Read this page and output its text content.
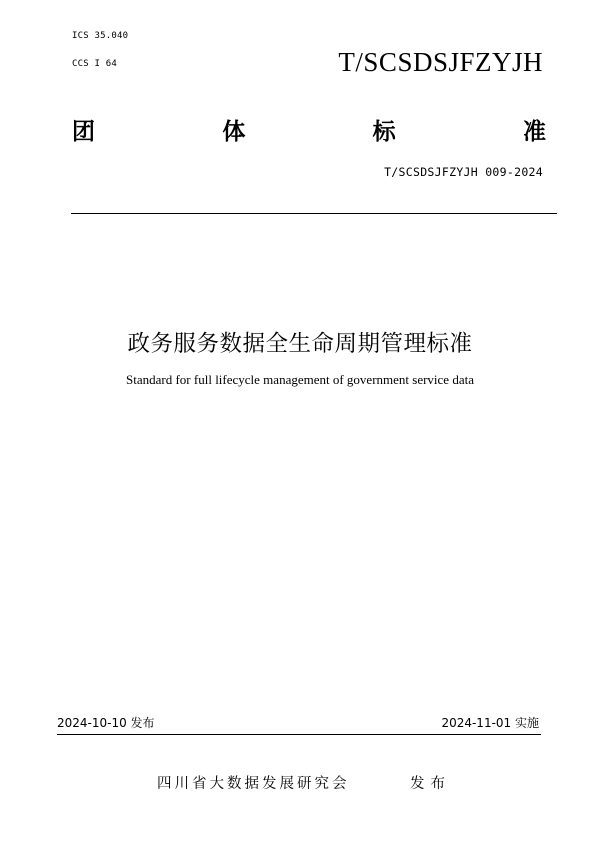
ICS 35.040
CCS I 64	T/SCSDSJFZYJH
团	体	标	准
T/SCSDSJFZYJH 009-2024
政务服务数据全生命周期管理标准
Standard for full lifecycle management of government service data
2024-10-10 发布	2024-11-01 实施
四川省大数据发展研究会	发布
